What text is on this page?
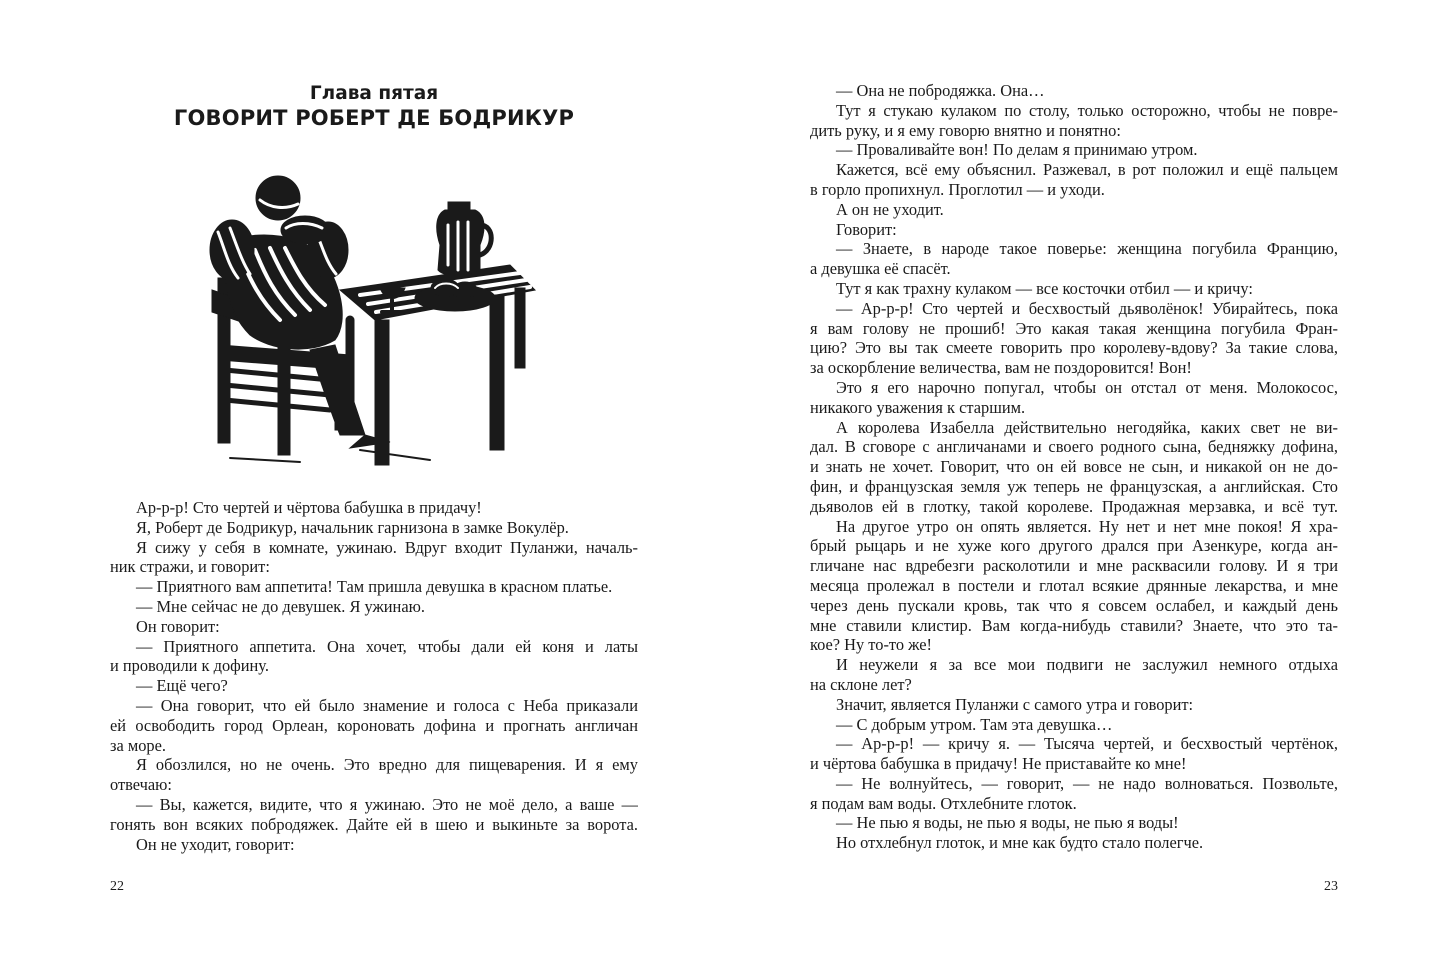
Глава пятая
ГОВОРИТ РОБЕРТ ДЕ БОДРИКУР
Ар-р-р! Сто чертей и чёртова бабушка в придачу!
Я, Роберт де Бодрикур, начальник гарнизона в замке Вокулёр.
Я сижу у себя в комнате, ужинаю. Вдруг входит Пуланжи, началь-
ник стражи, и говорит:
— Приятного вам аппетита! Там пришла девушка в красном платье.
— Мне сейчас не до девушек. Я ужинаю.
Он говорит:
— Приятного аппетита. Она хочет, чтобы дали ей коня и латы
и проводили к дофину.
— Ещё чего?
— Она говорит, что ей было знамение и голоса с Неба приказали
ей освободить город Орлеан, короновать дофина и прогнать англичан
за море.
Я обозлился, но не очень. Это вредно для пищеварения. И я ему
отвечаю:
— Вы, кажется, видите, что я ужинаю. Это не моё дело, а ваше —
гонять вон всяких побродяжек. Дайте ей в шею и выкиньте за ворота.
Он не уходит, говорит:
22
— Она не побродяжка. Она…
Тут я стукаю кулаком по столу, только осторожно, чтобы не повре-
дить руку, и я ему говорю внятно и понятно:
— Проваливайте вон! По делам я принимаю утром.
Кажется, всё ему объяснил. Разжевал, в рот положил и ещё пальцем
в горло пропихнул. Проглотил — и уходи.
А он не уходит.
Говорит:
— Знаете, в народе такое поверье: женщина погубила Францию,
а девушка её спасёт.
Тут я как трахну кулаком — все косточки отбил — и кричу:
— Ар-р-р! Сто чертей и бесхвостый дьяволёнок! Убирайтесь, пока
я вам голову не прошиб! Это какая такая женщина погубила Фран-
цию? Это вы так смеете говорить про королеву-вдову? За такие слова,
за оскорбление величества, вам не поздоровится! Вон!
Это я его нарочно попугал, чтобы он отстал от меня. Молокосос,
никакого уважения к старшим.
А королева Изабелла действительно негодяйка, каких свет не ви-
дал. В сговоре с англичанами и своего родного сына, бедняжку дофина,
и знать не хочет. Говорит, что он ей вовсе не сын, и никакой он не до-
фин, и французская земля уж теперь не французская, а английская. Сто
дьяволов ей в глотку, такой королеве. Продажная мерзавка, и всё тут.
На другое утро он опять является. Ну нет и нет мне покоя! Я хра-
брый рыцарь и не хуже кого другого дрался при Азенкуре, когда ан-
гличане нас вдребезги расколотили и мне расквасили голову. И я три
месяца пролежал в постели и глотал всякие дрянные лекарства, и мне
через день пускали кровь, так что я совсем ослабел, и каждый день
мне ставили клистир. Вам когда-нибудь ставили? Знаете, что это та-
кое? Ну то-то же!
И неужели я за все мои подвиги не заслужил немного отдыха
на склоне лет?
Значит, является Пуланжи с самого утра и говорит:
— С добрым утром. Там эта девушка…
— Ар-р-р! — кричу я. — Тысяча чертей, и бесхвостый чертёнок,
и чёртова бабушка в придачу! Не приставайте ко мне!
— Не волнуйтесь, — говорит, — не надо волноваться. Позвольте,
я подам вам воды. Отхлебните глоток.
— Не пью я воды, не пью я воды, не пью я воды!
Но отхлебнул глоток, и мне как будто стало полегче.
23
